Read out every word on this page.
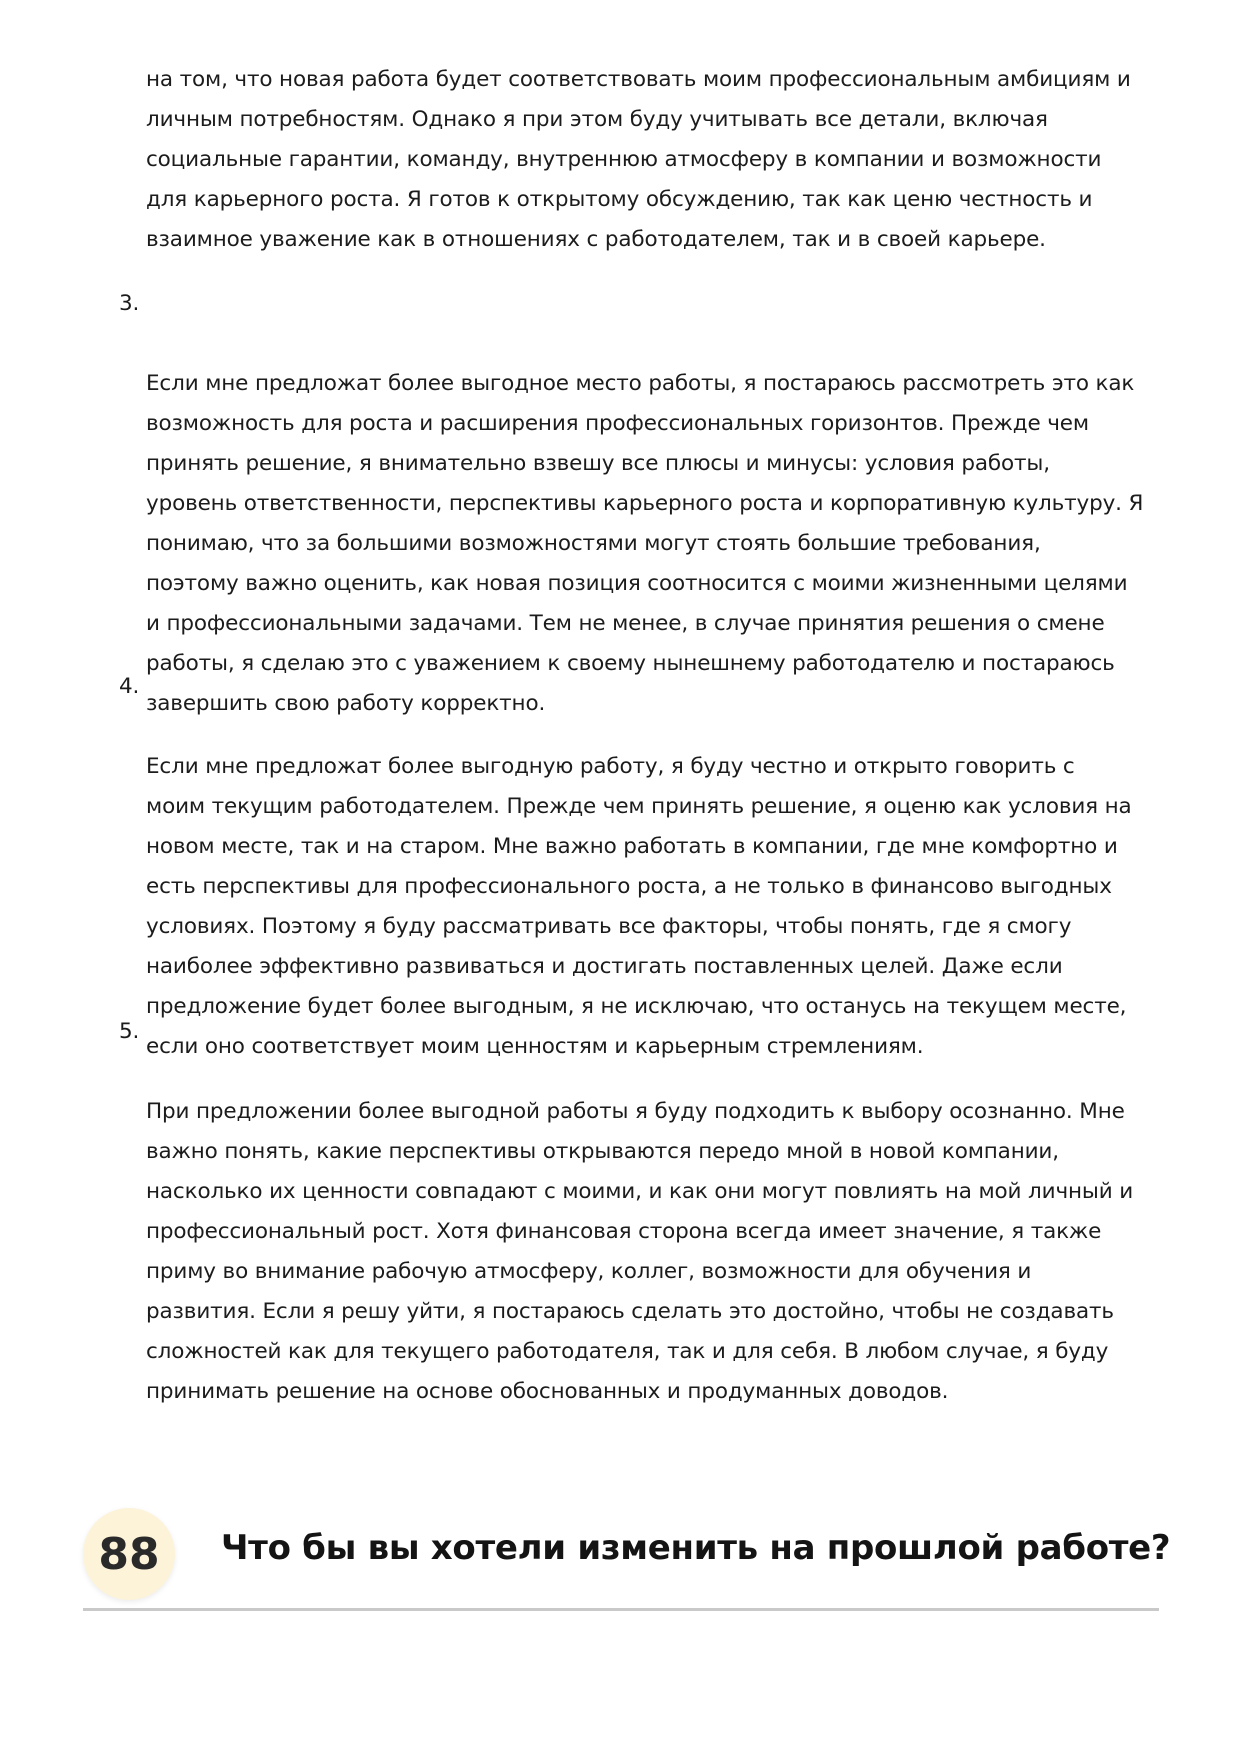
на том, что новая работа будет соответствовать моим профессиональным амбициям и
личным потребностям. Однако я при этом буду учитывать все детали, включая
социальные гарантии, команду, внутреннюю атмосферу в компании и возможности
для карьерного роста. Я готов к открытому обсуждению, так как ценю честность и
взаимное уважение как в отношениях с работодателем, так и в своей карьере.

3.

Если мне предложат более выгодное место работы, я постараюсь рассмотреть это как
возможность для роста и расширения профессиональных горизонтов. Прежде чем
принять решение, я внимательно взвешу все плюсы и минусы: условия работы,
уровень ответственности, перспективы карьерного роста и корпоративную культуру. Я
понимаю, что за большими возможностями могут стоять большие требования,
поэтому важно оценить, как новая позиция соотносится с моими жизненными целями
и профессиональными задачами. Тем не менее, в случае принятия решения о смене
работы, я сделаю это с уважением к своему нынешнему работодателю и постараюсь
завершить свою работу корректно.

4.

Если мне предложат более выгодную работу, я буду честно и открыто говорить с
моим текущим работодателем. Прежде чем принять решение, я оценю как условия на
новом месте, так и на старом. Мне важно работать в компании, где мне комфортно и
есть перспективы для профессионального роста, а не только в финансово выгодных
условиях. Поэтому я буду рассматривать все факторы, чтобы понять, где я смогу
наиболее эффективно развиваться и достигать поставленных целей. Даже если
предложение будет более выгодным, я не исключаю, что останусь на текущем месте,
если оно соответствует моим ценностям и карьерным стремлениям.

5.

При предложении более выгодной работы я буду подходить к выбору осознанно. Мне
важно понять, какие перспективы открываются передо мной в новой компании,
насколько их ценности совпадают с моими, и как они могут повлиять на мой личный и
профессиональный рост. Хотя финансовая сторона всегда имеет значение, я также
приму во внимание рабочую атмосферу, коллег, возможности для обучения и
развития. Если я решу уйти, я постараюсь сделать это достойно, чтобы не создавать
сложностей как для текущего работодателя, так и для себя. В любом случае, я буду
принимать решение на основе обоснованных и продуманных доводов.

88	Что бы вы хотели изменить на прошлой работе?
